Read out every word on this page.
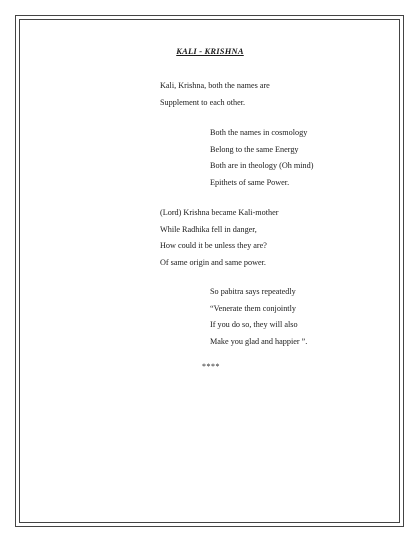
KALI - KRISHNA
Kali, Krishna, both the names are
Supplement to each other.
Both the names in cosmology
Belong to the same Energy
Both are in theology (Oh mind)
Epithets of same Power.
(Lord) Krishna became Kali-mother
While Radhika fell in danger,
How could it be unless they are?
Of same origin and same power.
So pabitra says repeatedly
“Venerate them conjointly
If you do so, they will also
Make you glad and happier ”.
****
